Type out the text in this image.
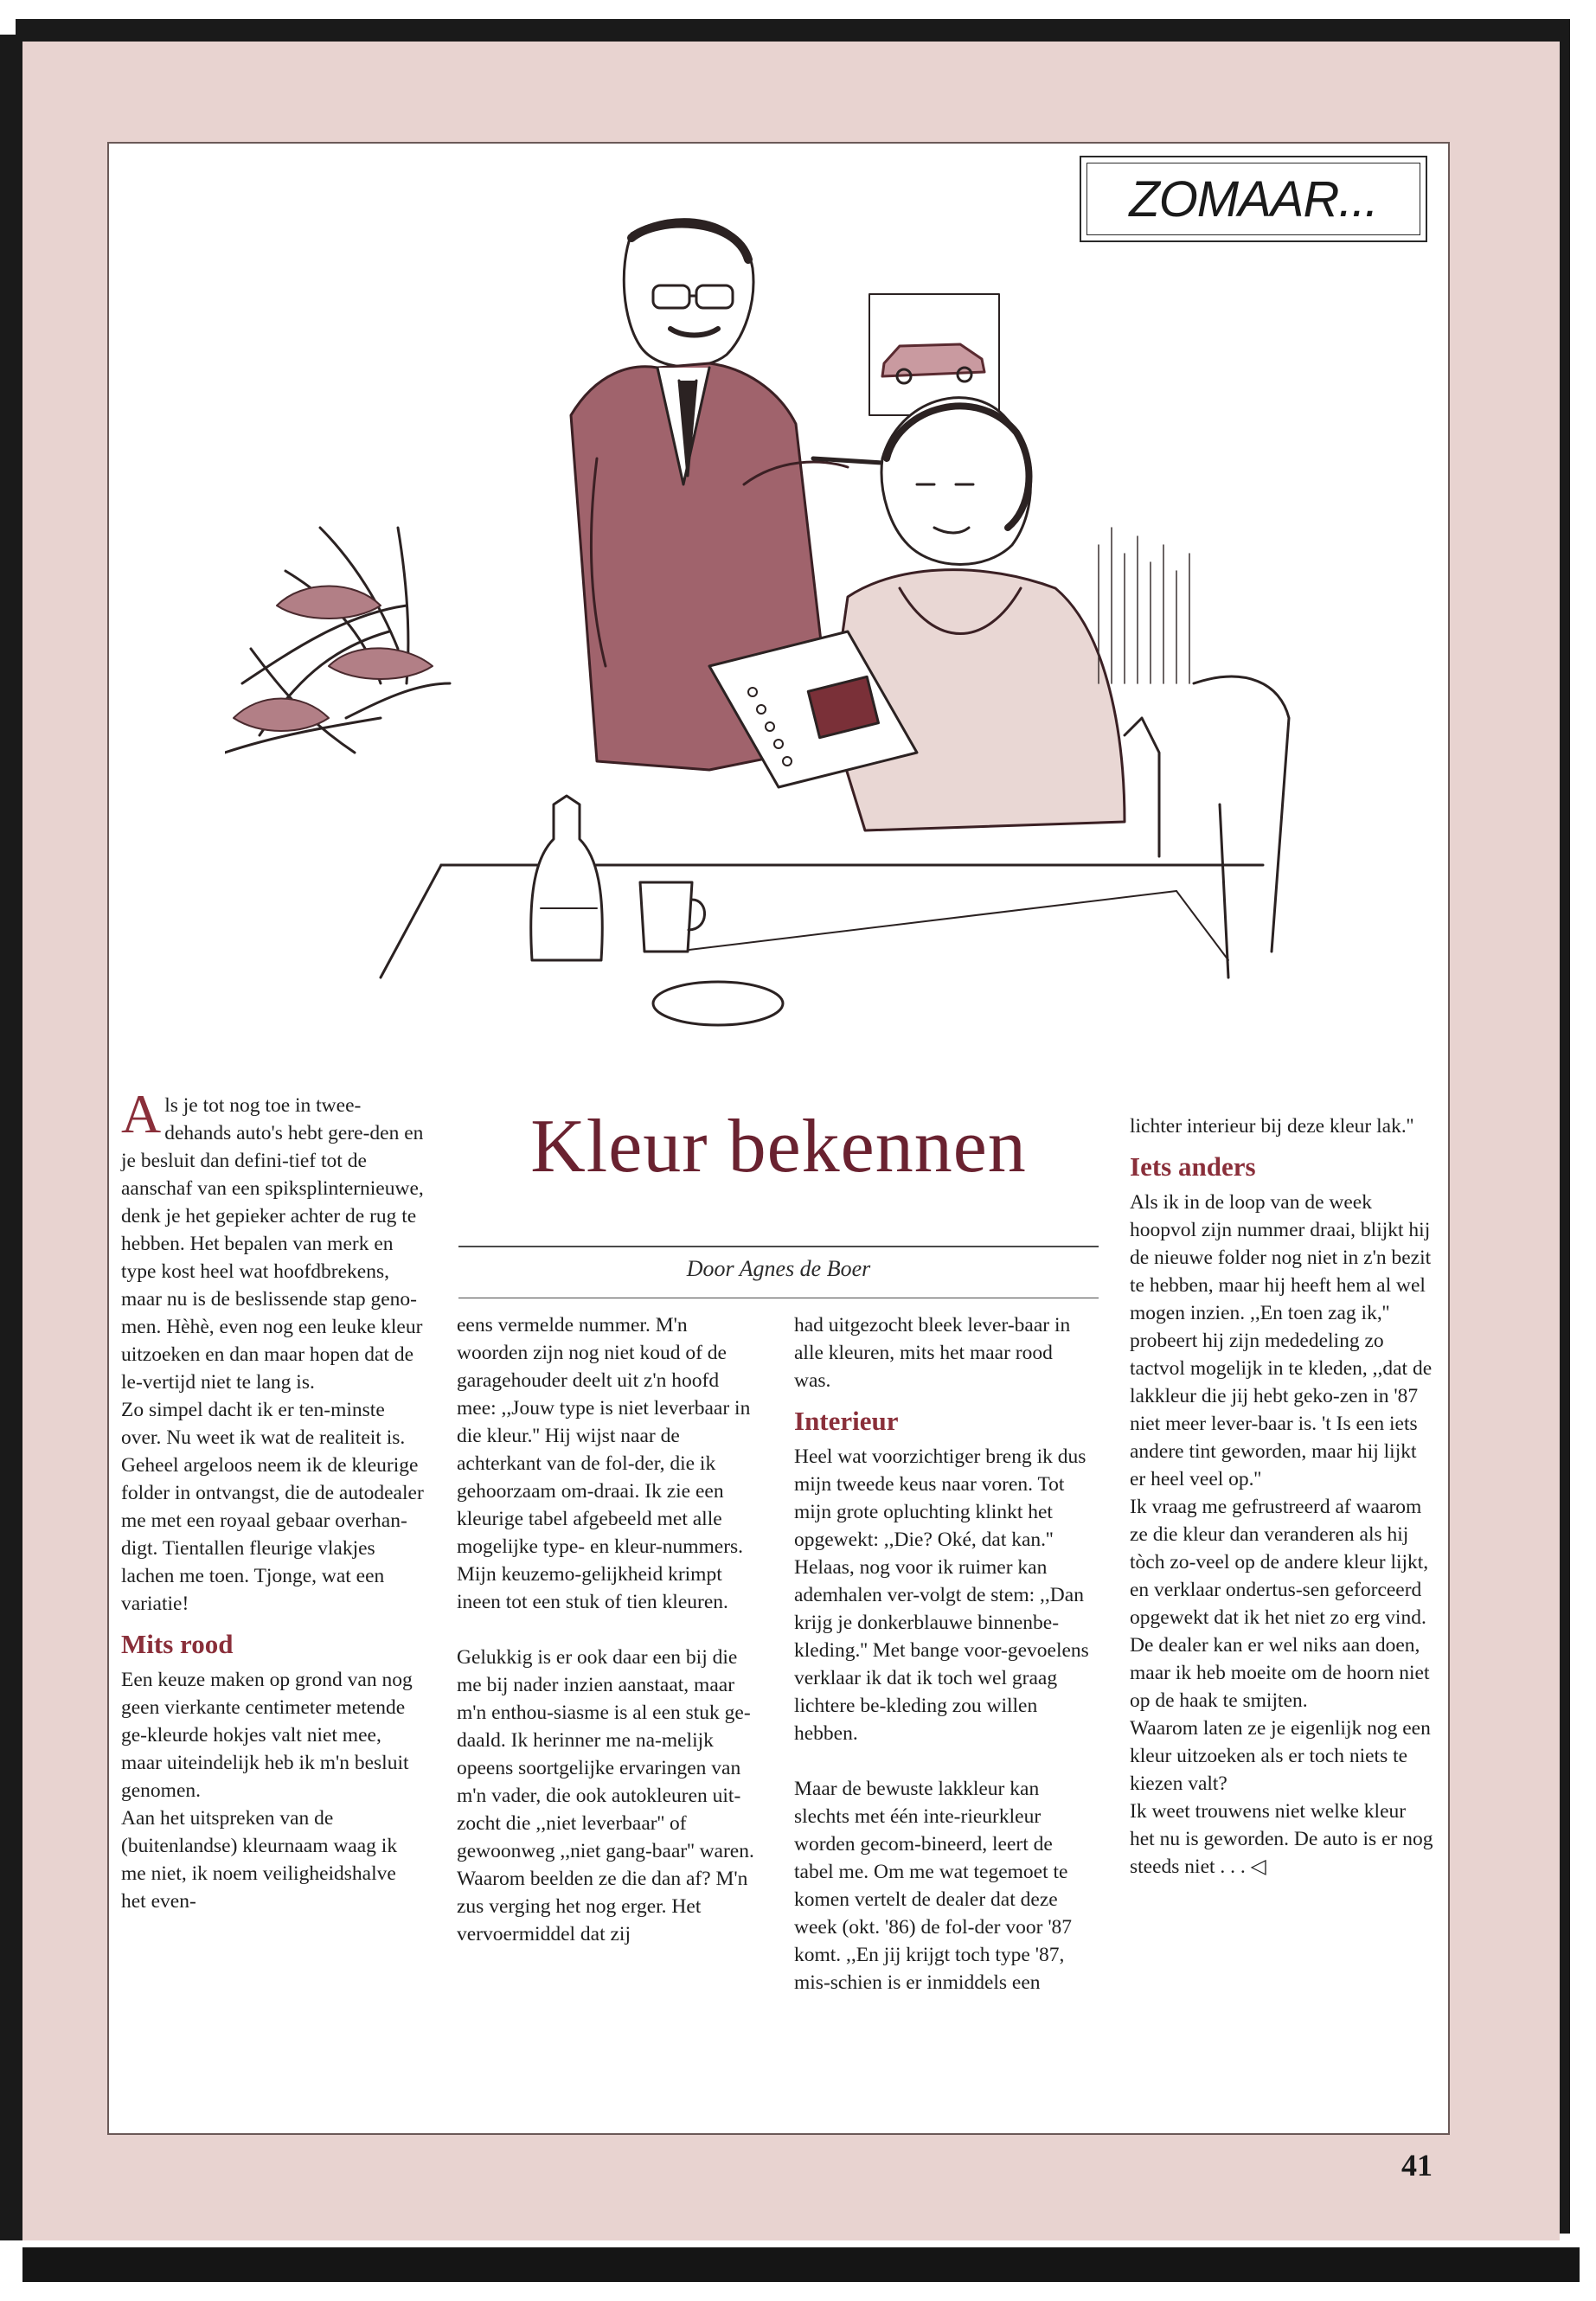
ZOMAAR...
Kleur bekennen
Door Agnes de Boer

Als je tot nog toe in twee-dehands auto's hebt gere-den en je besluit dan defini-tief tot de aanschaf van een spiksplinternieuwe, denk je het gepieker achter de rug te hebben. Het bepalen van merk en type kost heel wat hoofdbrekens, maar nu is de beslissende stap geno-men. Hèhè, even nog een leuke kleur uitzoeken en dan maar hopen dat de le-vertijd niet te lang is.

Zo simpel dacht ik er ten-minste over. Nu weet ik wat de realiteit is.

Geheel argeloos neem ik de kleurige folder in ontvangst, die de autodealer me met een royaal gebaar overhan-digt. Tientallen fleurige vlakjes lachen me toen. Tjonge, wat een variatie!

Mits rood

Een keuze maken op grond van nog geen vierkante centimeter metende ge-kleurde hokjes valt niet mee, maar uiteindelijk heb ik m'n besluit genomen.

Aan het uitspreken van de (buitenlandse) kleurnaam waag ik me niet, ik noem veiligheidshalve het even-

eens vermelde nummer. M'n woorden zijn nog niet koud of de garagehouder deelt uit z'n hoofd mee: ,,Jouw type is niet leverbaar in die kleur.'' Hij wijst naar de achterkant van de fol-der, die ik gehoorzaam om-draai. Ik zie een kleurige tabel afgebeeld met alle mogelijke type- en kleur-nummers. Mijn keuzemo-gelijkheid krimpt ineen tot een stuk of tien kleuren.

Gelukkig is er ook daar een bij die me bij nader inzien aanstaat, maar m'n enthou-siasme is al een stuk ge-daald. Ik herinner me na-melijk opeens soortgelijke ervaringen van m'n vader, die ook autokleuren uit-zocht die ,,niet leverbaar'' of gewoonweg ,,niet gang-baar'' waren. Waarom beelden ze die dan af? M'n zus verging het nog erger. Het vervoermiddel dat zij

had uitgezocht bleek lever-baar in alle kleuren, mits het maar rood was.

Interieur

Heel wat voorzichtiger breng ik dus mijn tweede keus naar voren. Tot mijn grote opluchting klinkt het opgewekt: ,,Die? Oké, dat kan.'' Helaas, nog voor ik ruimer kan ademhalen ver-volgt de stem: ,,Dan krijg je donkerblauwe binnenbe-kleding.'' Met bange voor-gevoelens verklaar ik dat ik toch wel graag lichtere be-kleding zou willen hebben.

Maar de bewuste lakkleur kan slechts met één inte-rieurkleur worden gecom-bineerd, leert de tabel me. Om me wat tegemoet te komen vertelt de dealer dat deze week (okt. '86) de fol-der voor '87 komt. ,,En jij krijgt toch type '87, mis-schien is er inmiddels een

lichter interieur bij deze kleur lak.''

Iets anders

Als ik in de loop van de week hoopvol zijn nummer draai, blijkt hij de nieuwe folder nog niet in z'n bezit te hebben, maar hij heeft hem al wel mogen inzien. ,,En toen zag ik,'' probeert hij zijn mededeling zo tactvol mogelijk in te kleden, ,,dat de lakkleur die jij hebt geko-zen in '87 niet meer lever-baar is. 't Is een iets andere tint geworden, maar hij lijkt er heel veel op.''

Ik vraag me gefrustreerd af waarom ze die kleur dan veranderen als hij tòch zo-veel op de andere kleur lijkt, en verklaar ondertus-sen geforceerd opgewekt dat ik het niet zo erg vind.

De dealer kan er wel niks aan doen, maar ik heb moeite om de hoorn niet op de haak te smijten.

Waarom laten ze je eigenlijk nog een kleur uitzoeken als er toch niets te kiezen valt?

Ik weet trouwens niet welke kleur het nu is geworden. De auto is er nog steeds niet . . . ◁

41
